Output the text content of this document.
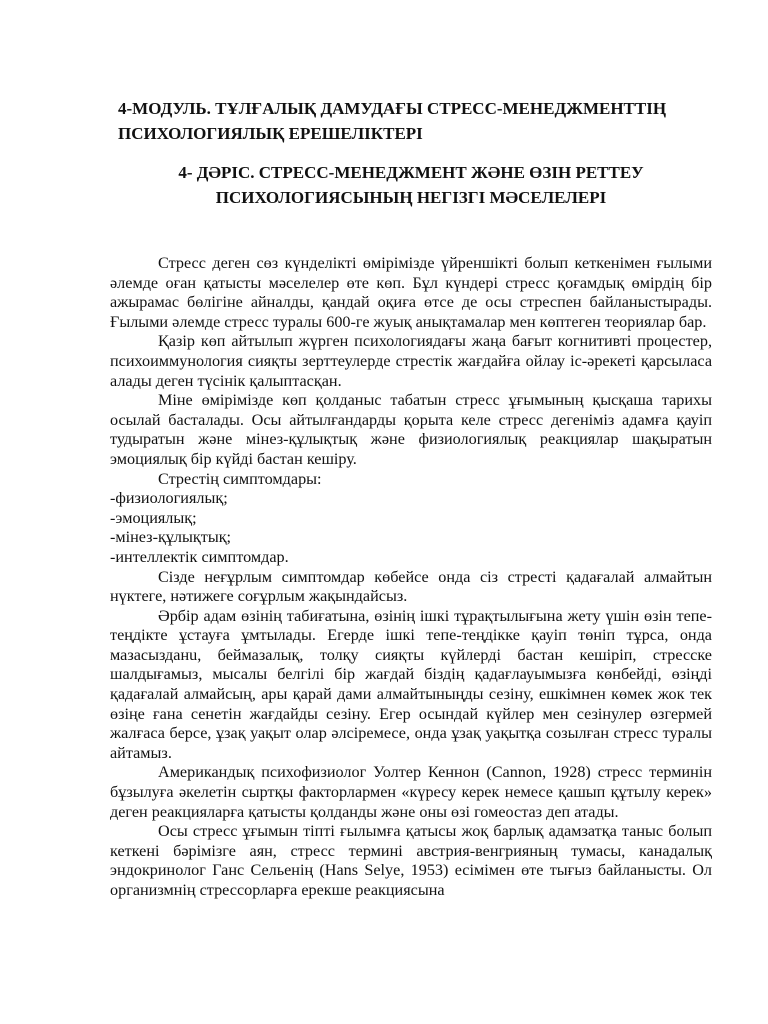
4-МОДУЛЬ. ТҰЛҒАЛЫҚ ДАМУДАҒЫ СТРЕСС-МЕНЕДЖМЕНТТІҢ
ПСИХОЛОГИЯЛЫҚ ЕРЕШЕЛІКТЕРІ
4- ДӘРІС. СТРЕСС-МЕНЕДЖМЕНТ ЖӘНЕ ӨЗІН РЕТТЕУ
ПСИХОЛОГИЯСЫНЫҢ НЕГІЗГІ МӘСЕЛЕЛЕРІ

Стресс деген сөз күнделікті өмірімізде үйреншікті болып кеткенімен ғылыми әлемде оған қатысты мәселелер өте көп. Бұл күндері стресс қоғамдық өмірдің бір ажырамас бөлігіне айналды, қандай оқиға өтсе де осы стреспен байланыстырады. Ғылыми әлемде стресс туралы 600-ге жуық анықтамалар мен көптеген теориялар бар.

Қазір көп айтылып жүрген психологиядағы жаңа бағыт когнитивті процестер, психоиммунология сияқты зерттеулерде стрестік жағдайға ойлау іс-әрекеті қарсыласа алады деген түсінік қалыптасқан.

Міне өмірімізде көп қолданыс табатын стресс ұғымының қысқаша тарихы осылай басталады. Осы айтылғандарды қорыта келе стресс дегеніміз адамға қауіп тудыратын және мінез-құлықтық және физиологиялық реакциялар шақыратын эмоциялық бір күйді бастан кешіру.

Стрестің симптомдары:

-физиологиялық;

-эмоциялық;

-мінез-құлықтық;

-интеллектік симптомдар.

Сізде неғұрлым симптомдар көбейсе онда сіз стресті қадағалай алмайтын нүктеге, нәтижеге соғұрлым жақындайсыз.

Әрбір адам өзінің табиғатына, өзінің ішкі тұрақтылығына жету үшін өзін тепе-теңдікте ұстауға ұмтылады. Егерде ішкі тепе-теңдікке қауіп төніп тұрса, онда мазасызданu, беймазалық, толқу сияқты күйлерді бастан кешіріп, стресске шалдығамыз, мысалы белгілі бір жағдай біздің қадағлауымызға көнбейді, өзіңді қадағалай алмайсың, ары қарай дами алмайтыныңды сезіну, ешкімнен көмек жок тек өзіңе ғана сенетін жағдайды сезіну. Егер осындай күйлер мен сезінулер өзгермей жалғаса берсе, ұзақ уақыт олар әлсіремесе, онда ұзақ уақытқа созылған стресс туралы айтамыз.

Американдық психофизиолог Уолтер Кеннон (Cannon, 1928) стресс терминін бұзылуға әкелетін сыртқы факторлармен «күресу керек немесе қашып құтылу керек» деген реакцияларға қатысты қолданды және оны өзі гомеостаз деп атады.

Осы стресс ұғымын тіпті ғылымға қатысы жоқ барлық адамзатқа таныс болып кеткені бәрімізге аян, стресс термині австрия-венгрияның тумасы, канадалық эндокринолог Ганс Сельенің (Hans Selye, 1953) есімімен өте тығыз байланысты. Ол организмнің стрессорларға ерекше реакциясына
